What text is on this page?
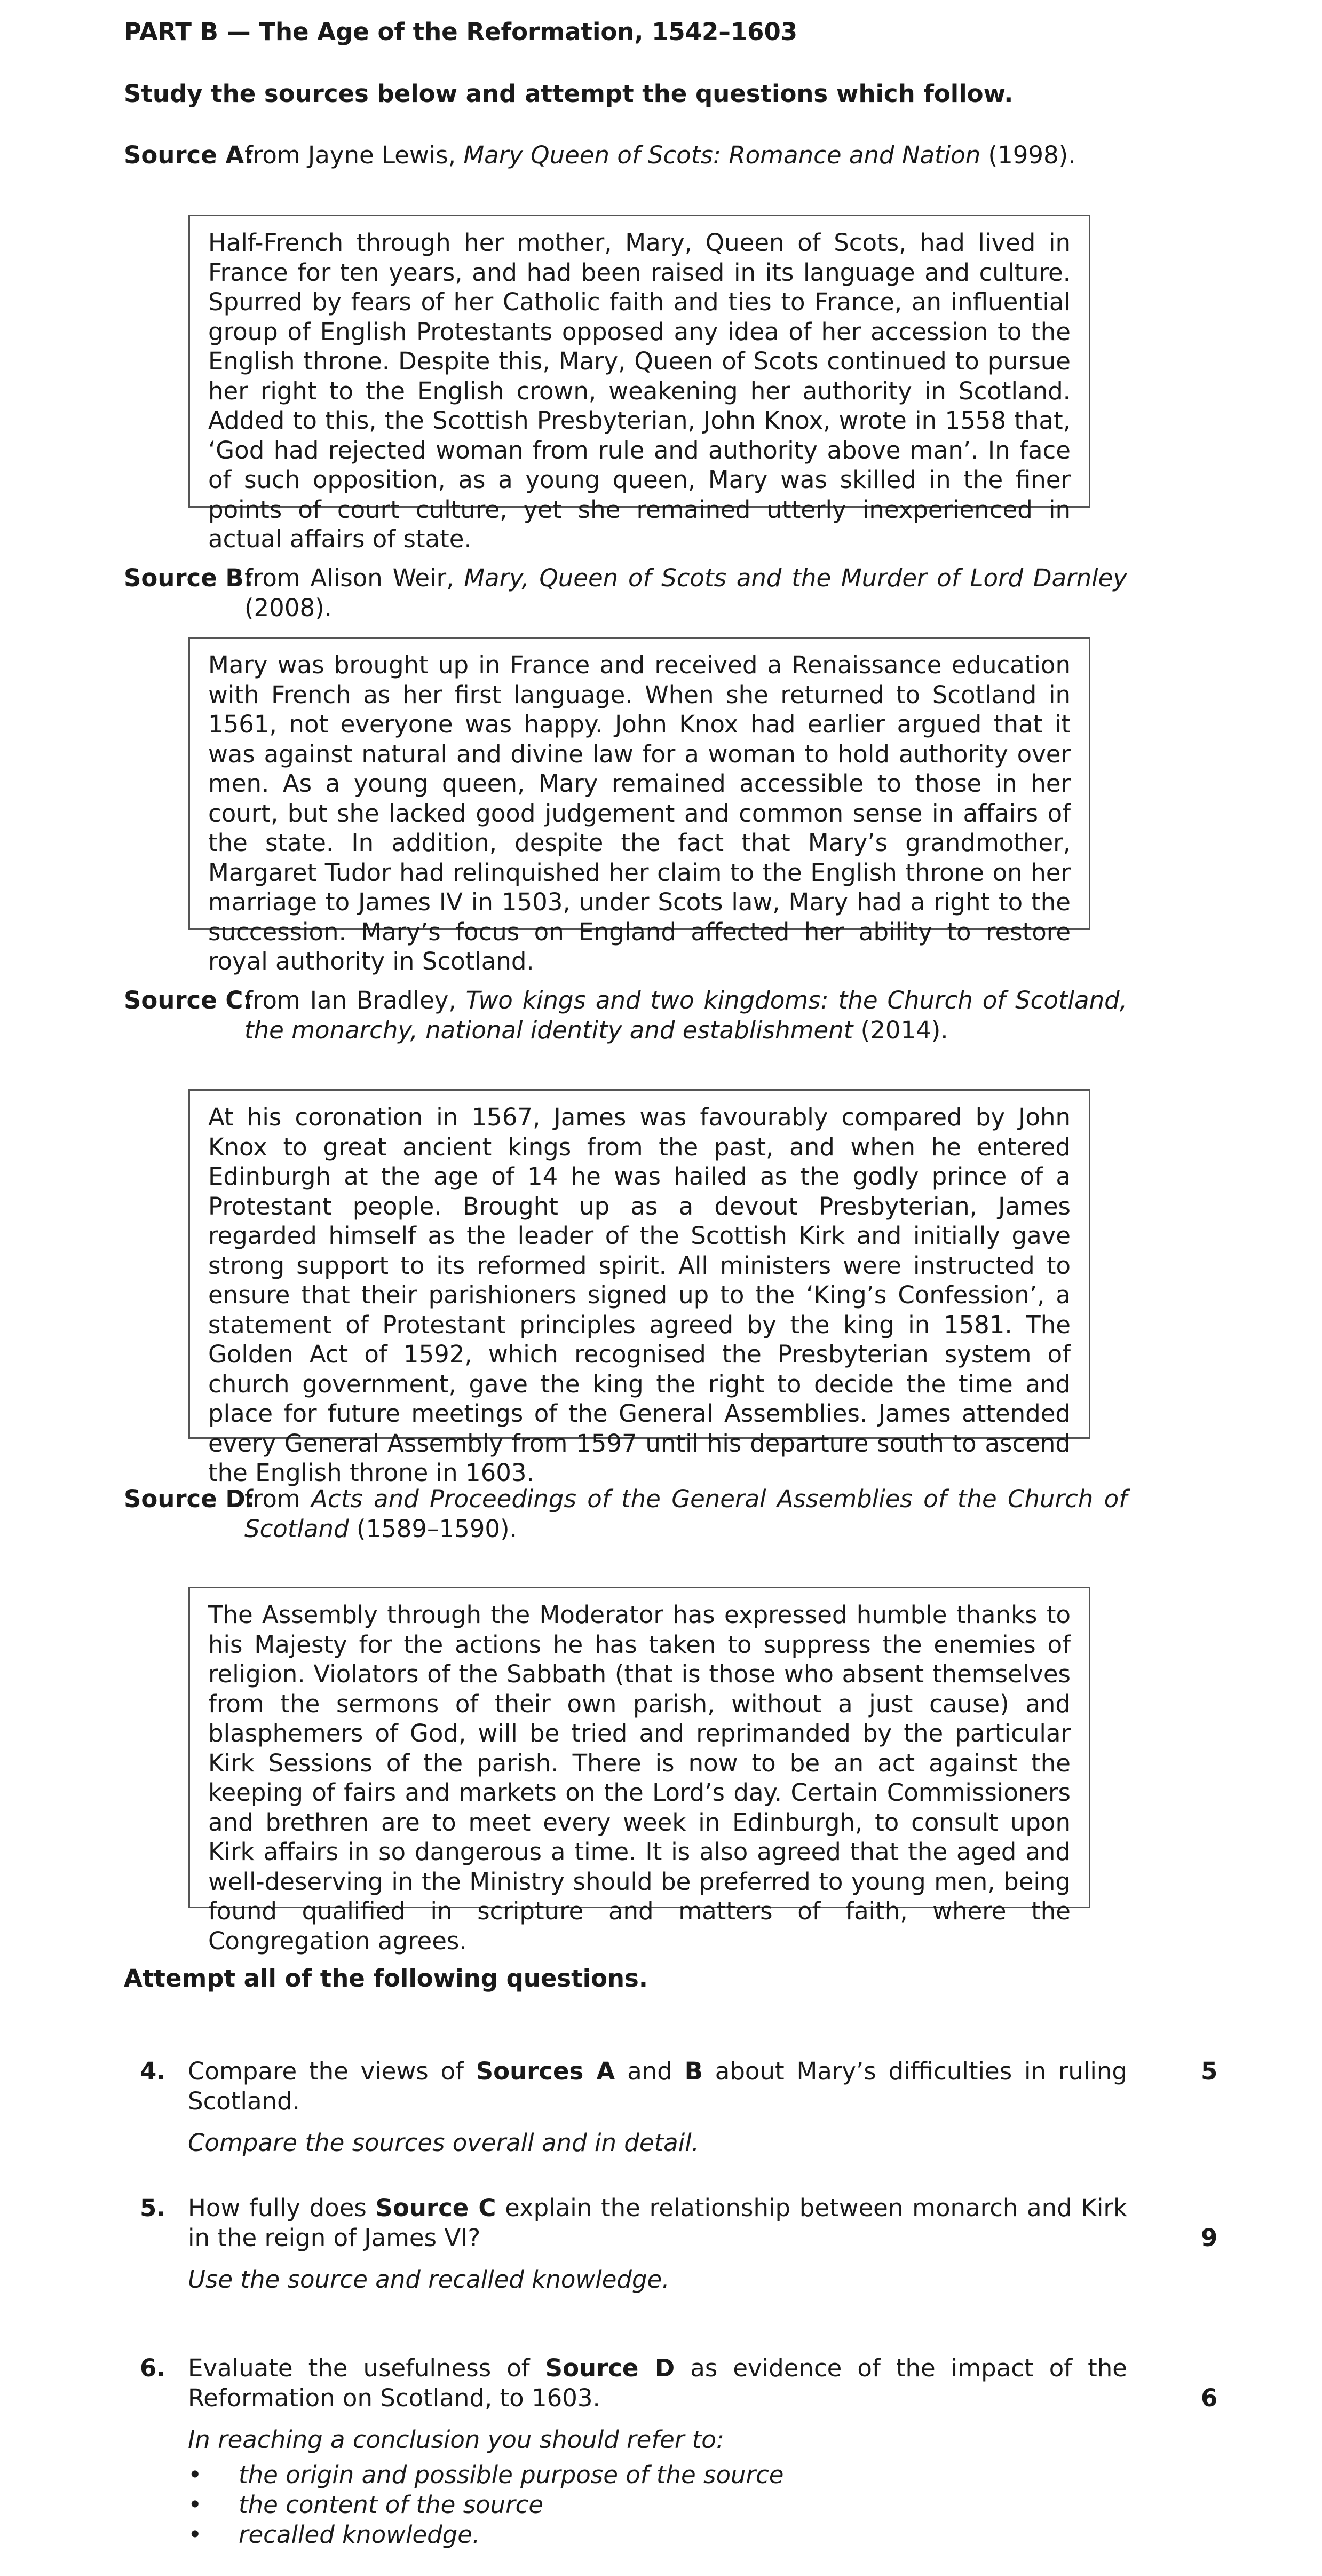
PART B — The Age of the Reformation, 1542–1603
Study the sources below and attempt the questions which follow.
Source A:
from Jayne Lewis, Mary Queen of Scots: Romance and Nation (1998).
Half-French through her mother, Mary, Queen of Scots, had lived in France for ten years, and had been raised in its language and culture. Spurred by fears of her Catholic faith and ties to France, an influential group of English Protestants opposed any idea of her accession to the English throne. Despite this, Mary, Queen of Scots continued to pursue her right to the English crown, weakening her authority in Scotland. Added to this, the Scottish Presbyterian, John Knox, wrote in 1558 that, ‘God had rejected woman from rule and authority above man’. In face of such opposition, as a young queen, Mary was skilled in the finer points of court culture, yet she remained utterly inexperienced in actual affairs of state.
Source B:
from Alison Weir, Mary, Queen of Scots and the Murder of Lord Darnley (2008).
Mary was brought up in France and received a Renaissance education with French as her first language. When she returned to Scotland in 1561, not everyone was happy. John Knox had earlier argued that it was against natural and divine law for a woman to hold authority over men. As a young queen, Mary remained accessible to those in her court, but she lacked good judgement and common sense in affairs of the state. In addition, despite the fact that Mary’s grandmother, Margaret Tudor had relinquished her claim to the English throne on her marriage to James IV in 1503, under Scots law, Mary had a right to the succession. Mary’s focus on England affected her ability to restore royal authority in Scotland.
Source C:
from Ian Bradley, Two kings and two kingdoms: the Church of Scotland, the monarchy, national identity and establishment (2014).
At his coronation in 1567, James was favourably compared by John Knox to great ancient kings from the past, and when he entered Edinburgh at the age of 14 he was hailed as the godly prince of a Protestant people. Brought up as a devout Presbyterian, James regarded himself as the leader of the Scottish Kirk and initially gave strong support to its reformed spirit. All ministers were instructed to ensure that their parishioners signed up to the ‘King’s Confession’, a statement of Protestant principles agreed by the king in 1581. The Golden Act of 1592, which recognised the Presbyterian system of church government, gave the king the right to decide the time and place for future meetings of the General Assemblies. James attended every General Assembly from 1597 until his departure south to ascend the English throne in 1603.
Source D:
from Acts and Proceedings of the General Assemblies of the Church of Scotland (1589–1590).
The Assembly through the Moderator has expressed humble thanks to his Majesty for the actions he has taken to suppress the enemies of religion. Violators of the Sabbath (that is those who absent themselves from the sermons of their own parish, without a just cause) and blasphemers of God, will be tried and reprimanded by the particular Kirk Sessions of the parish. There is now to be an act against the keeping of fairs and markets on the Lord’s day. Certain Commissioners and brethren are to meet every week in Edinburgh, to consult upon Kirk affairs in so dangerous a time. It is also agreed that the aged and well-deserving in the Ministry should be preferred to young men, being found qualified in scripture and matters of faith, where the Congregation agrees.
Attempt all of the following questions.
4. Compare the views of Sources A and B about Mary’s difficulties in ruling Scotland.
Compare the sources overall and in detail.
5
5. How fully does Source C explain the relationship between monarch and Kirk in the reign of James VI?
Use the source and recalled knowledge.
9
6. Evaluate the usefulness of Source D as evidence of the impact of the Reformation on Scotland, to 1603.
In reaching a conclusion you should refer to:
• the origin and possible purpose of the source
• the content of the source
• recalled knowledge.
6
